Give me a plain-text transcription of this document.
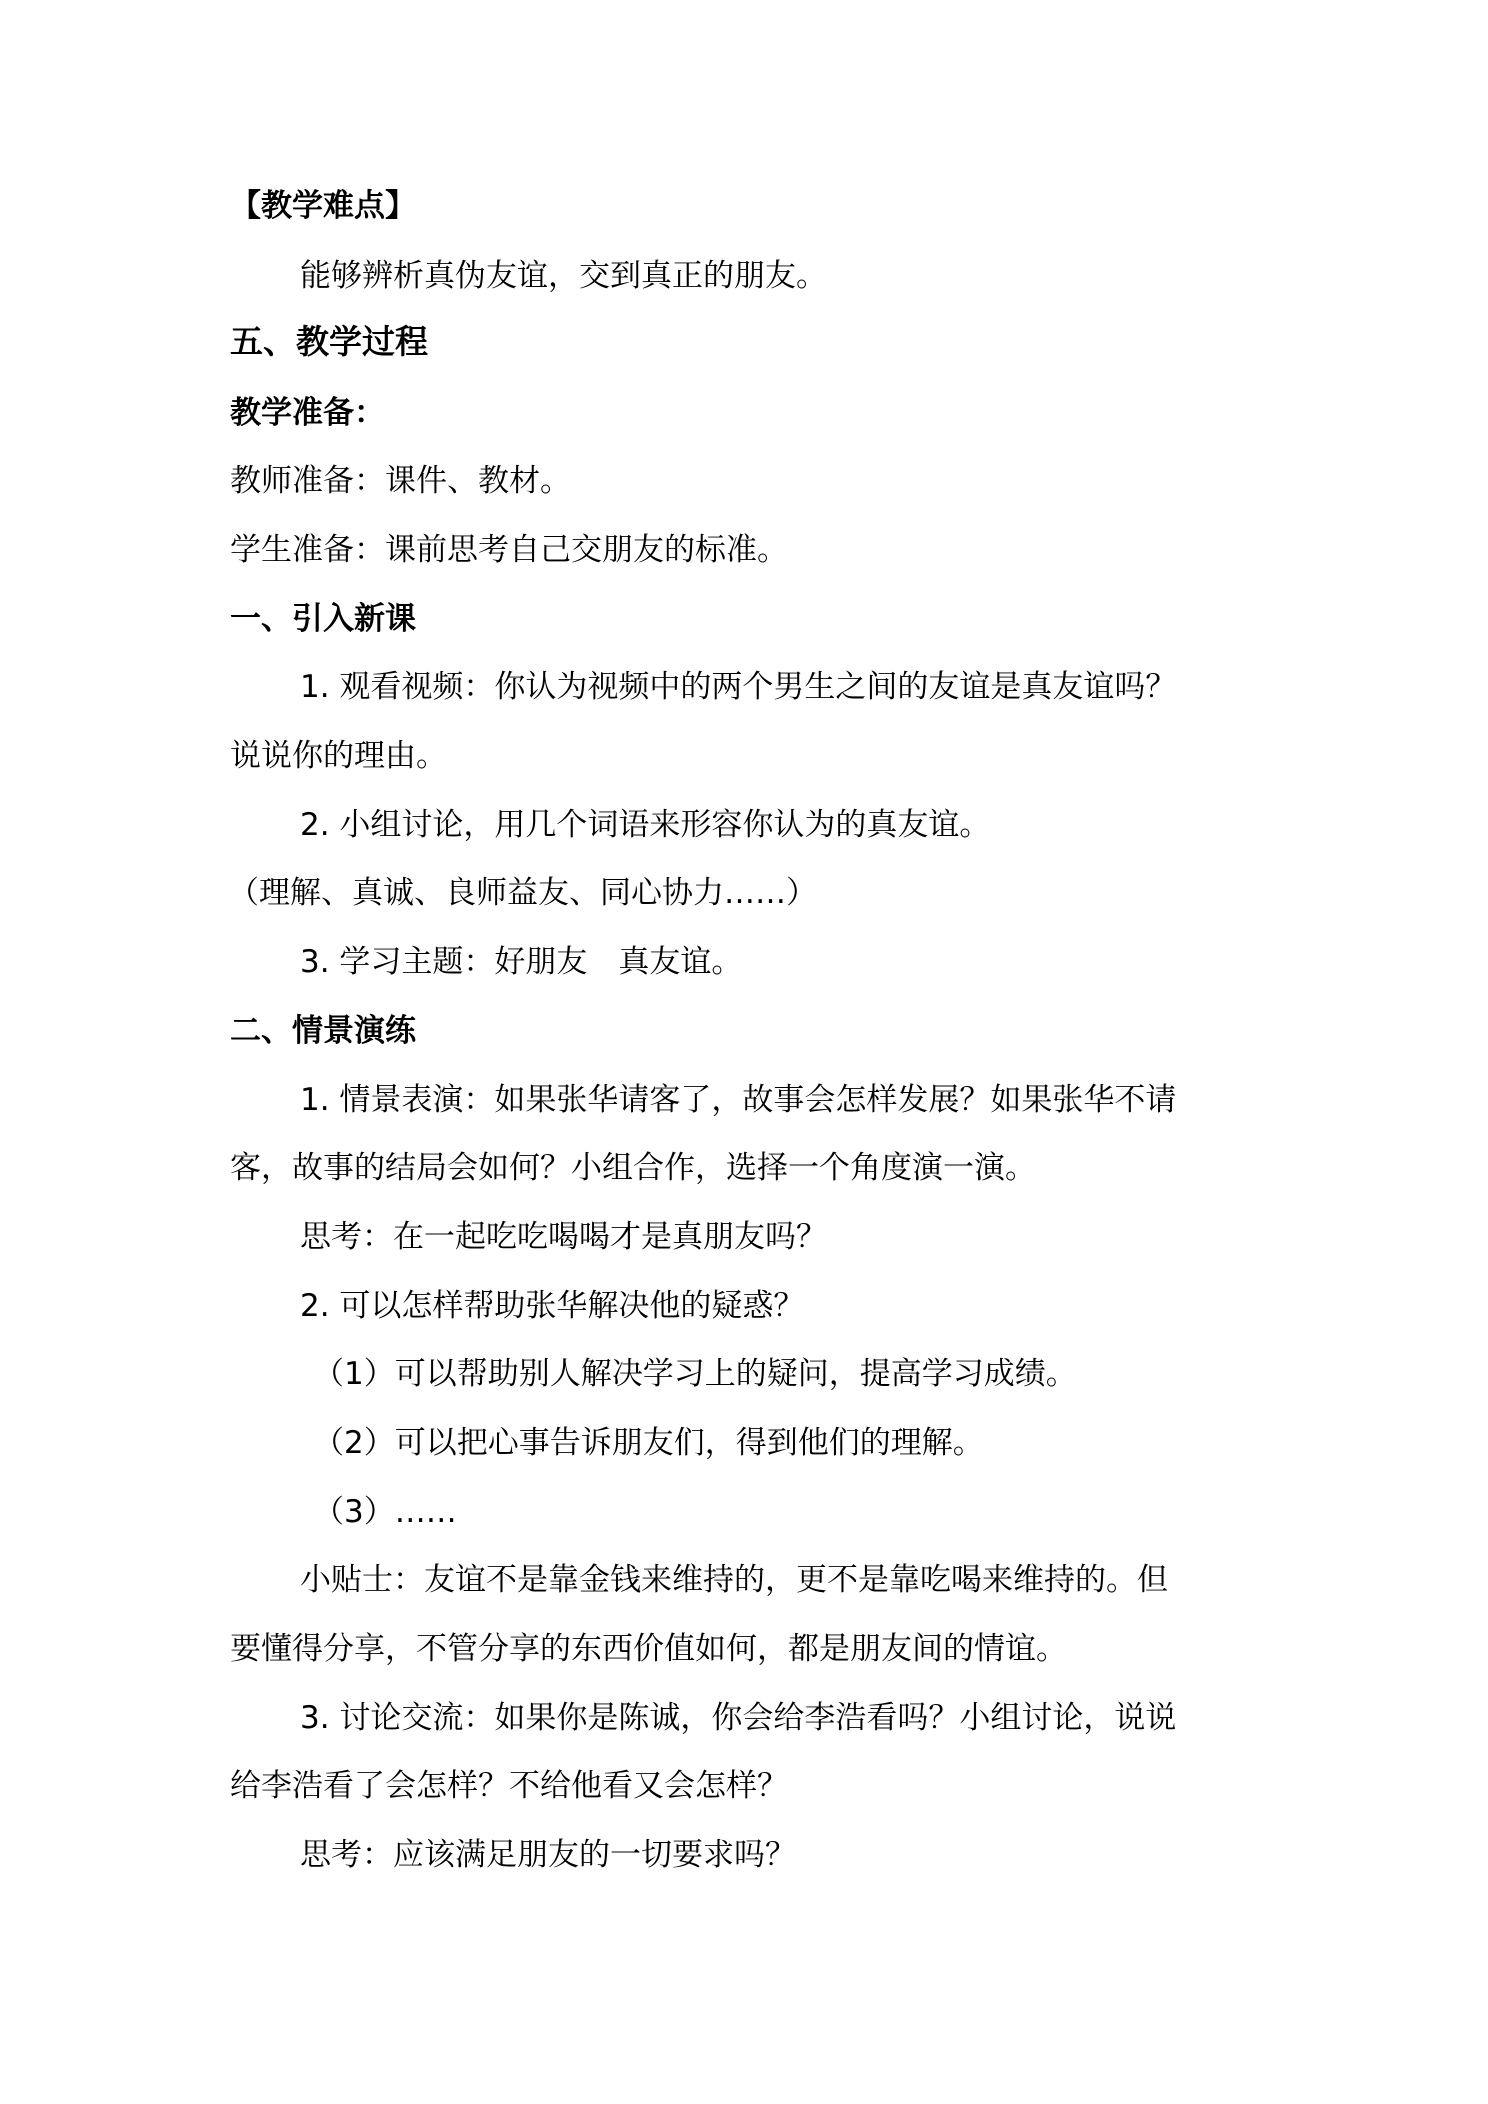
【教学难点】
能够辨析真伪友谊，交到真正的朋友。
五、教学过程
教学准备：
教师准备：课件、教材。
学生准备：课前思考自己交朋友的标准。
一、引入新课
1. 观看视频：你认为视频中的两个男生之间的友谊是真友谊吗？
说说你的理由。
2. 小组讨论，用几个词语来形容你认为的真友谊。
（理解、真诚、良师益友、同心协力……）
3. 学习主题：好朋友　真友谊。
二、情景演练
1. 情景表演：如果张华请客了，故事会怎样发展？如果张华不请
客，故事的结局会如何？小组合作，选择一个角度演一演。
思考：在一起吃吃喝喝才是真朋友吗？
2. 可以怎样帮助张华解决他的疑惑？
（1）可以帮助别人解决学习上的疑问，提高学习成绩。
（2）可以把心事告诉朋友们，得到他们的理解。
（3）……
小贴士：友谊不是靠金钱来维持的，更不是靠吃喝来维持的。但
要懂得分享，不管分享的东西价值如何，都是朋友间的情谊。
3. 讨论交流：如果你是陈诚，你会给李浩看吗？小组讨论，说说
给李浩看了会怎样？不给他看又会怎样？
思考：应该满足朋友的一切要求吗？
